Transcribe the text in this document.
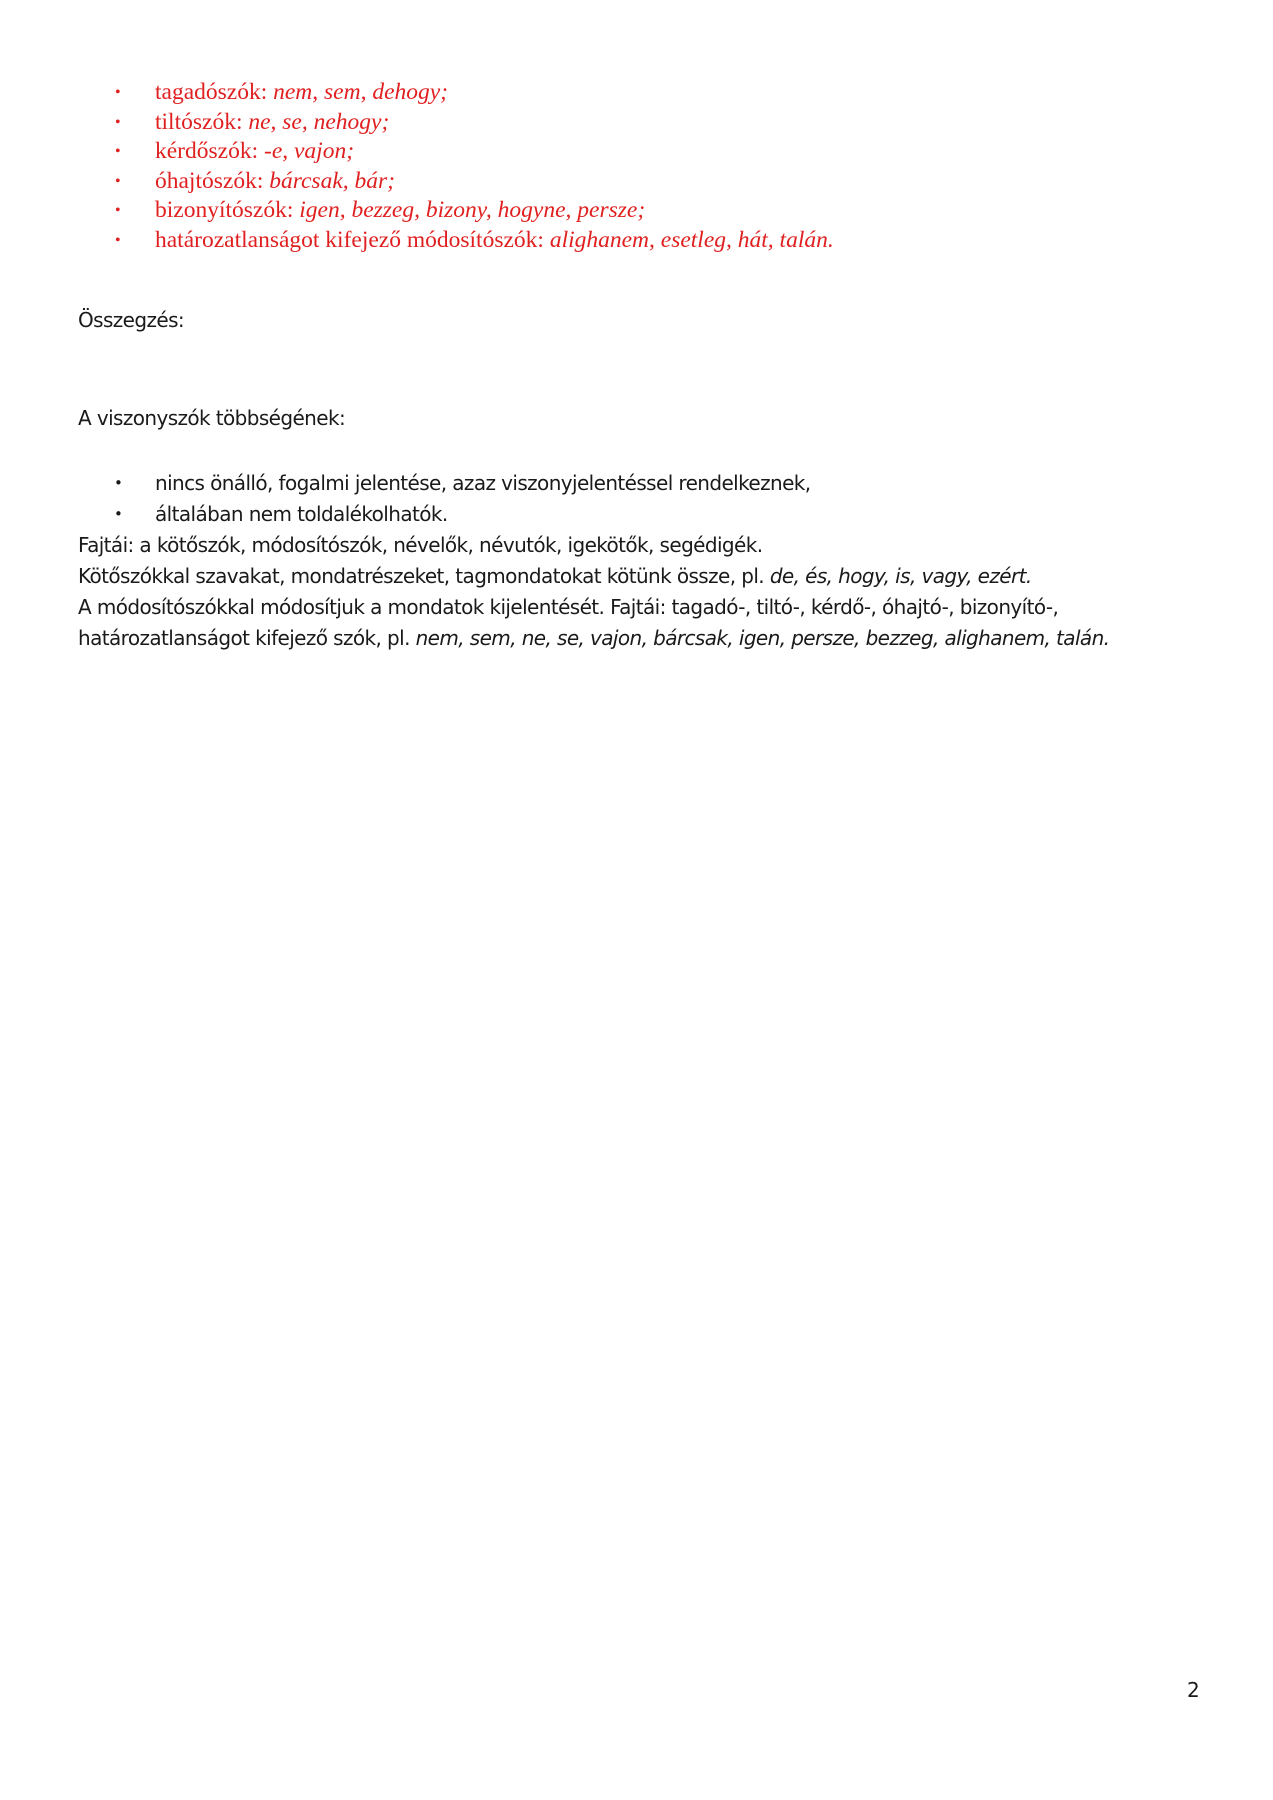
• tagadószók: nem, sem, dehogy;
• tiltószók: ne, se, nehogy;
• kérdőszók: -e, vajon;
• óhajtószók: bárcsak, bár;
• bizonyítószók: igen, bezzeg, bizony, hogyne, persze;
• határozatlanságot kifejező módosítószók: alighanem, esetleg, hát, talán.
Összegzés:
A viszonyszók többségének:
• nincs önálló, fogalmi jelentése, azaz viszonyjelentéssel rendelkeznek,
• általában nem toldalékolhatók.
Fajtái: a kötőszók, módosítószók, névelők, névutók, igekötők, segédigék.
Kötőszókkal szavakat, mondatrészeket, tagmondatokat kötünk össze, pl. de, és, hogy, is, vagy, ezért.
A módosítószókkal módosítjuk a mondatok kijelentését. Fajtái: tagadó-, tiltó-, kérdő-, óhajtó-, bizonyító-,
határozatlanságot kifejező szók, pl. nem, sem, ne, se, vajon, bárcsak, igen, persze, bezzeg, alighanem, talán.
2
